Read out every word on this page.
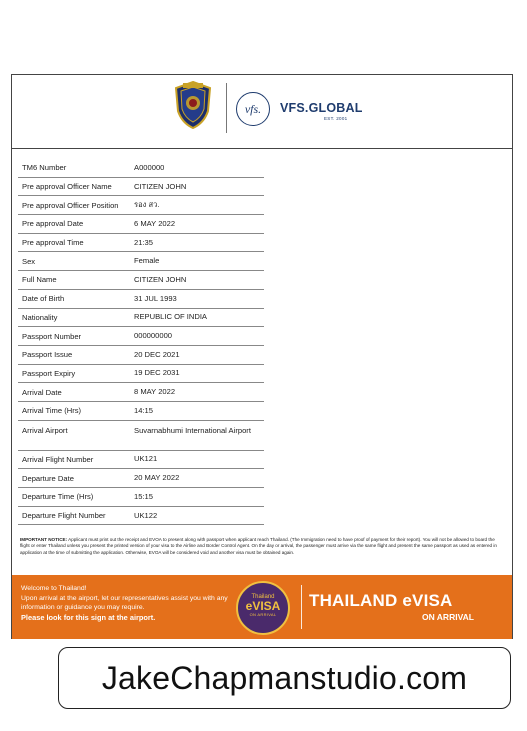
vfs.	VFS.GLOBAL
EST. 2001
TM6 Number	A000000
Pre approval Officer Name	CITIZEN JOHN
Pre approval Officer Position	รอง สว.
Pre approval Date	6 MAY 2022
Pre approval Time	21:35
Sex	Female
Full Name	CITIZEN JOHN
Date of Birth	31 JUL 1993
Nationality	REPUBLIC OF INDIA
Passport Number	000000000
Passport Issue	20 DEC 2021
Passport Expiry	19 DEC 2031
Arrival Date	8 MAY 2022
Arrival Time (Hrs)	14:15
Arrival Airport	Suvarnabhumi International Airport
Arrival Flight Number	UK121
Departure Date	20 MAY 2022
Departure Time (Hrs)	15:15
Departure Flight Number	UK122
IMPORTANT NOTICE: Applicant must print out the receipt and EVOA to present along with passport when applicant reach Thailand. (The Immigration need to have proof of payment for their report). You will not be allowed to board the flight or enter Thailand unless you present the printed version of your visa to the Airline and Border Control Agent. On the day or arrival, the passenger must arrive via the same flight and present the same passport as used as entered in application at the time of submitting the application. Otherwise, EVOA will be considered void and another visa must be obtained again.
Welcome to Thailand!
Upon arrival at the airport, let our representatives assist you with any information or guidance you may require.
Please look for this sign at the airport.
Thailand
eVISA
ON ARRIVAL
THAILAND eVISA
ON ARRIVAL
JakeChapmanstudio.com
